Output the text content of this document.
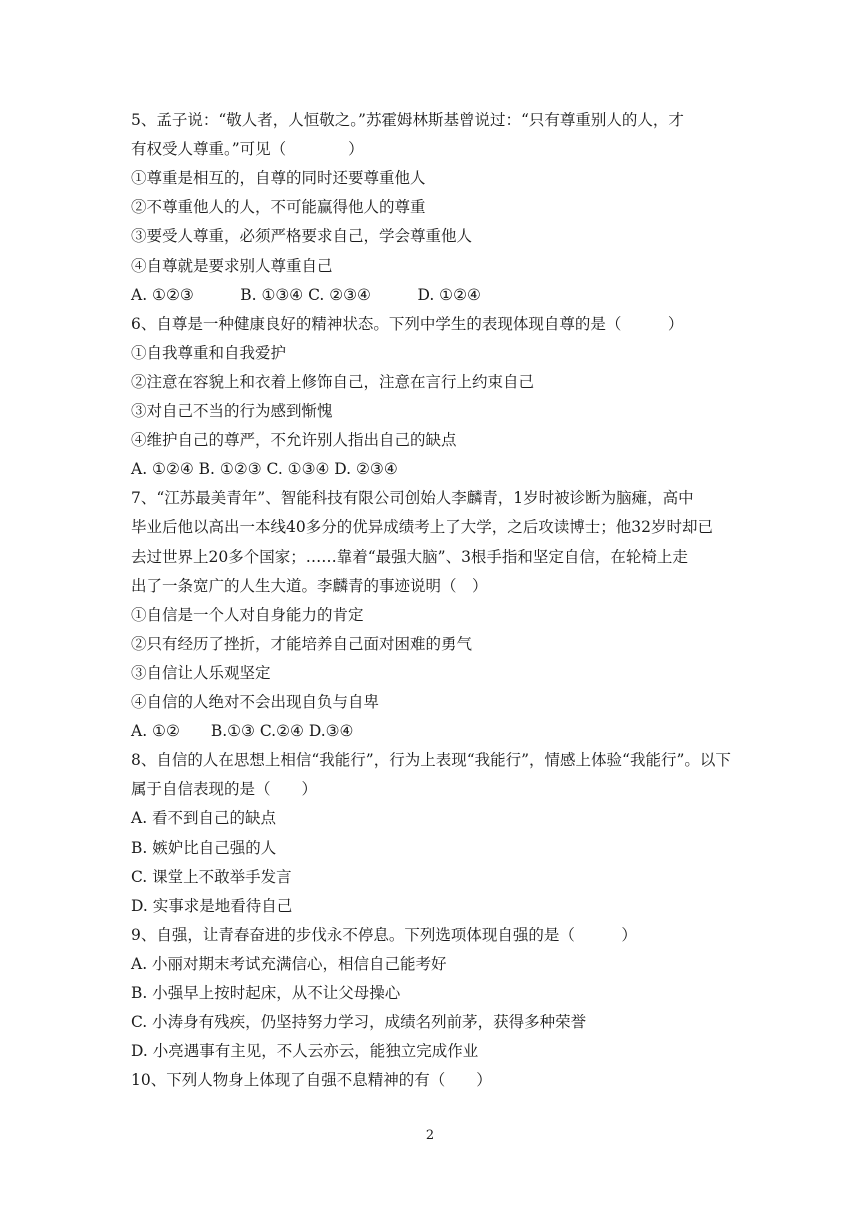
2
5、孟子说：“敬人者，人恒敬之。”苏霍姆林斯基曾说过：“只有尊重别人的人，才
有权受人尊重。”可见（　　　　）
①尊重是相互的，自尊的同时还要尊重他人
②不尊重他人的人，不可能赢得他人的尊重
③要受人尊重，必须严格要求自己，学会尊重他人
④自尊就是要求别人尊重自己
A. ①②③　　　B. ①③④ C. ②③④　　　D. ①②④
6、自尊是一种健康良好的精神状态。下列中学生的表现体现自尊的是（　　　）
①自我尊重和自我爱护
②注意在容貌上和衣着上修饰自己，注意在言行上约束自己
③对自己不当的行为感到惭愧
④维护自己的尊严，不允许别人指出自己的缺点
A. ①②④ B. ①②③ C. ①③④ D. ②③④
7、“江苏最美青年”、智能科技有限公司创始人李麟青，1岁时被诊断为脑瘫，高中
毕业后他以高出一本线40多分的优异成绩考上了大学，之后攻读博士；他32岁时却已
去过世界上20多个国家；……靠着“最强大脑”、3根手指和坚定自信，在轮椅上走
出了一条宽广的人生大道。李麟青的事迹说明（　）
①自信是一个人对自身能力的肯定
②只有经历了挫折，才能培养自己面对困难的勇气
③自信让人乐观坚定
④自信的人绝对不会出现自负与自卑
A. ①②　　B.①③ C.②④ D.③④
8、自信的人在思想上相信“我能行”，行为上表现“我能行”，情感上体验“我能行”。以下
属于自信表现的是（　　）
A. 看不到自己的缺点
B. 嫉妒比自己强的人
C. 课堂上不敢举手发言
D. 实事求是地看待自己
9、自强，让青春奋进的步伐永不停息。下列选项体现自强的是（　　　）
A. 小丽对期末考试充满信心，相信自己能考好
B. 小强早上按时起床，从不让父母操心
C. 小涛身有残疾，仍坚持努力学习，成绩名列前茅，获得多种荣誉
D. 小亮遇事有主见，不人云亦云，能独立完成作业
10、下列人物身上体现了自强不息精神的有（　　）
